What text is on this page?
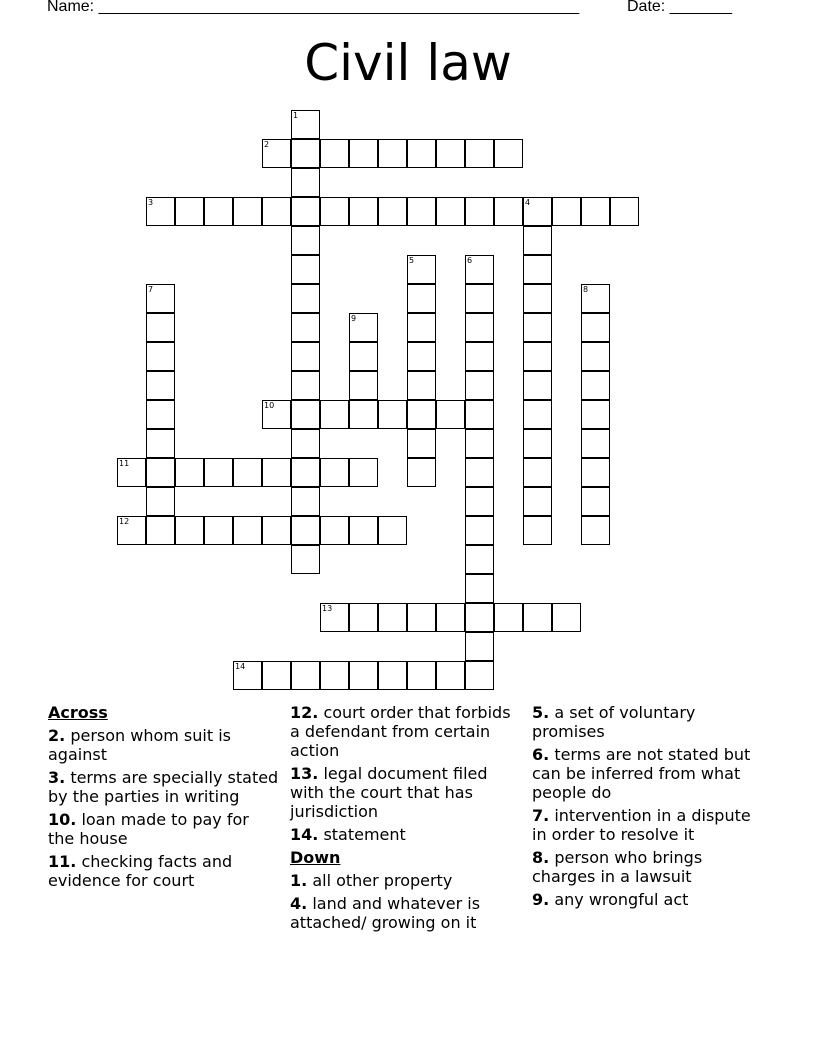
Name: ______________________________________________________	Date: _______
Civil law
1
2
3	4
5	6
7	8
9
10
11
12
13
14
Across
2. person whom suit is against
3. terms are specially stated by the parties in writing
10. loan made to pay for the house
11. checking facts and evidence for court
12. court order that forbids a defendant from certain action
13. legal document filed with the court that has jurisdiction
14. statement
Down
1. all other property
4. land and whatever is attached/ growing on it
5. a set of voluntary promises
6. terms are not stated but can be inferred from what people do
7. intervention in a dispute in order to resolve it
8. person who brings charges in a lawsuit
9. any wrongful act
